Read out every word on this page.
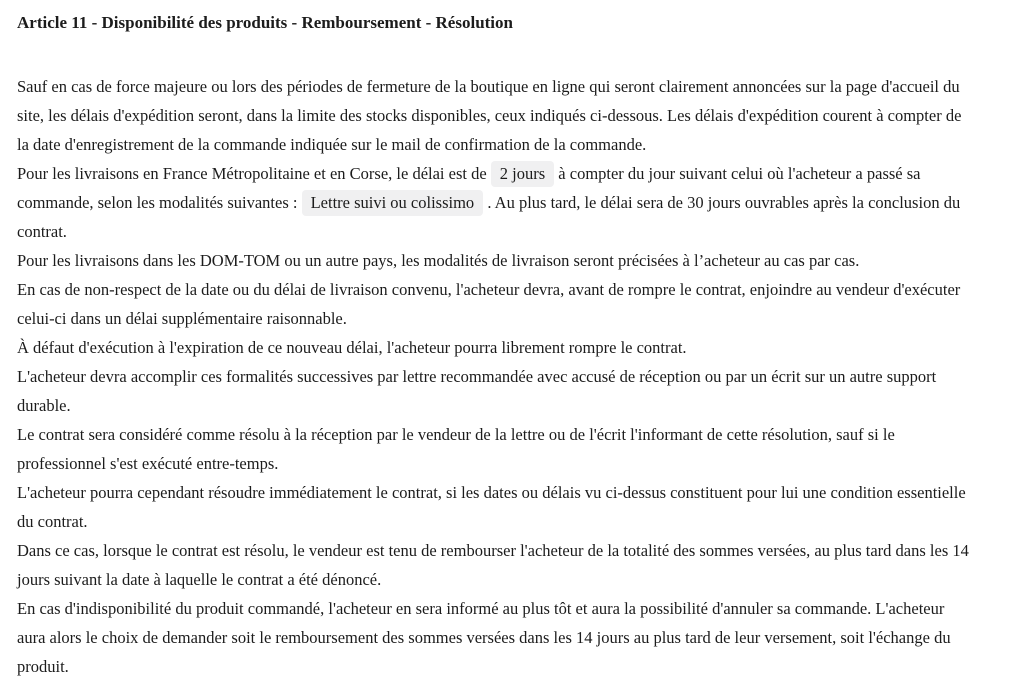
Article 11 - Disponibilité des produits - Remboursement - Résolution

Sauf en cas de force majeure ou lors des périodes de fermeture de la boutique en ligne qui seront clairement annoncées sur la page d'accueil du site, les délais d'expédition seront, dans la limite des stocks disponibles, ceux indiqués ci-dessous. Les délais d'expédition courent à compter de la date d'enregistrement de la commande indiquée sur le mail de confirmation de la commande.

Pour les livraisons en France Métropolitaine et en Corse, le délai est de 2 jours à compter du jour suivant celui où l'acheteur a passé sa commande, selon les modalités suivantes : Lettre suivi ou colissimo . Au plus tard, le délai sera de 30 jours ouvrables après la conclusion du contrat.

Pour les livraisons dans les DOM-TOM ou un autre pays, les modalités de livraison seront précisées à l’acheteur au cas par cas.

En cas de non-respect de la date ou du délai de livraison convenu, l'acheteur devra, avant de rompre le contrat, enjoindre au vendeur d'exécuter celui-ci dans un délai supplémentaire raisonnable.

À défaut d'exécution à l'expiration de ce nouveau délai, l'acheteur pourra librement rompre le contrat.

L'acheteur devra accomplir ces formalités successives par lettre recommandée avec accusé de réception ou par un écrit sur un autre support durable.

Le contrat sera considéré comme résolu à la réception par le vendeur de la lettre ou de l'écrit l'informant de cette résolution, sauf si le professionnel s'est exécuté entre-temps.

L'acheteur pourra cependant résoudre immédiatement le contrat, si les dates ou délais vu ci-dessus constituent pour lui une condition essentielle du contrat.

Dans ce cas, lorsque le contrat est résolu, le vendeur est tenu de rembourser l'acheteur de la totalité des sommes versées, au plus tard dans les 14 jours suivant la date à laquelle le contrat a été dénoncé.

En cas d'indisponibilité du produit commandé, l'acheteur en sera informé au plus tôt et aura la possibilité d'annuler sa commande. L'acheteur aura alors le choix de demander soit le remboursement des sommes versées dans les 14 jours au plus tard de leur versement, soit l'échange du produit.
